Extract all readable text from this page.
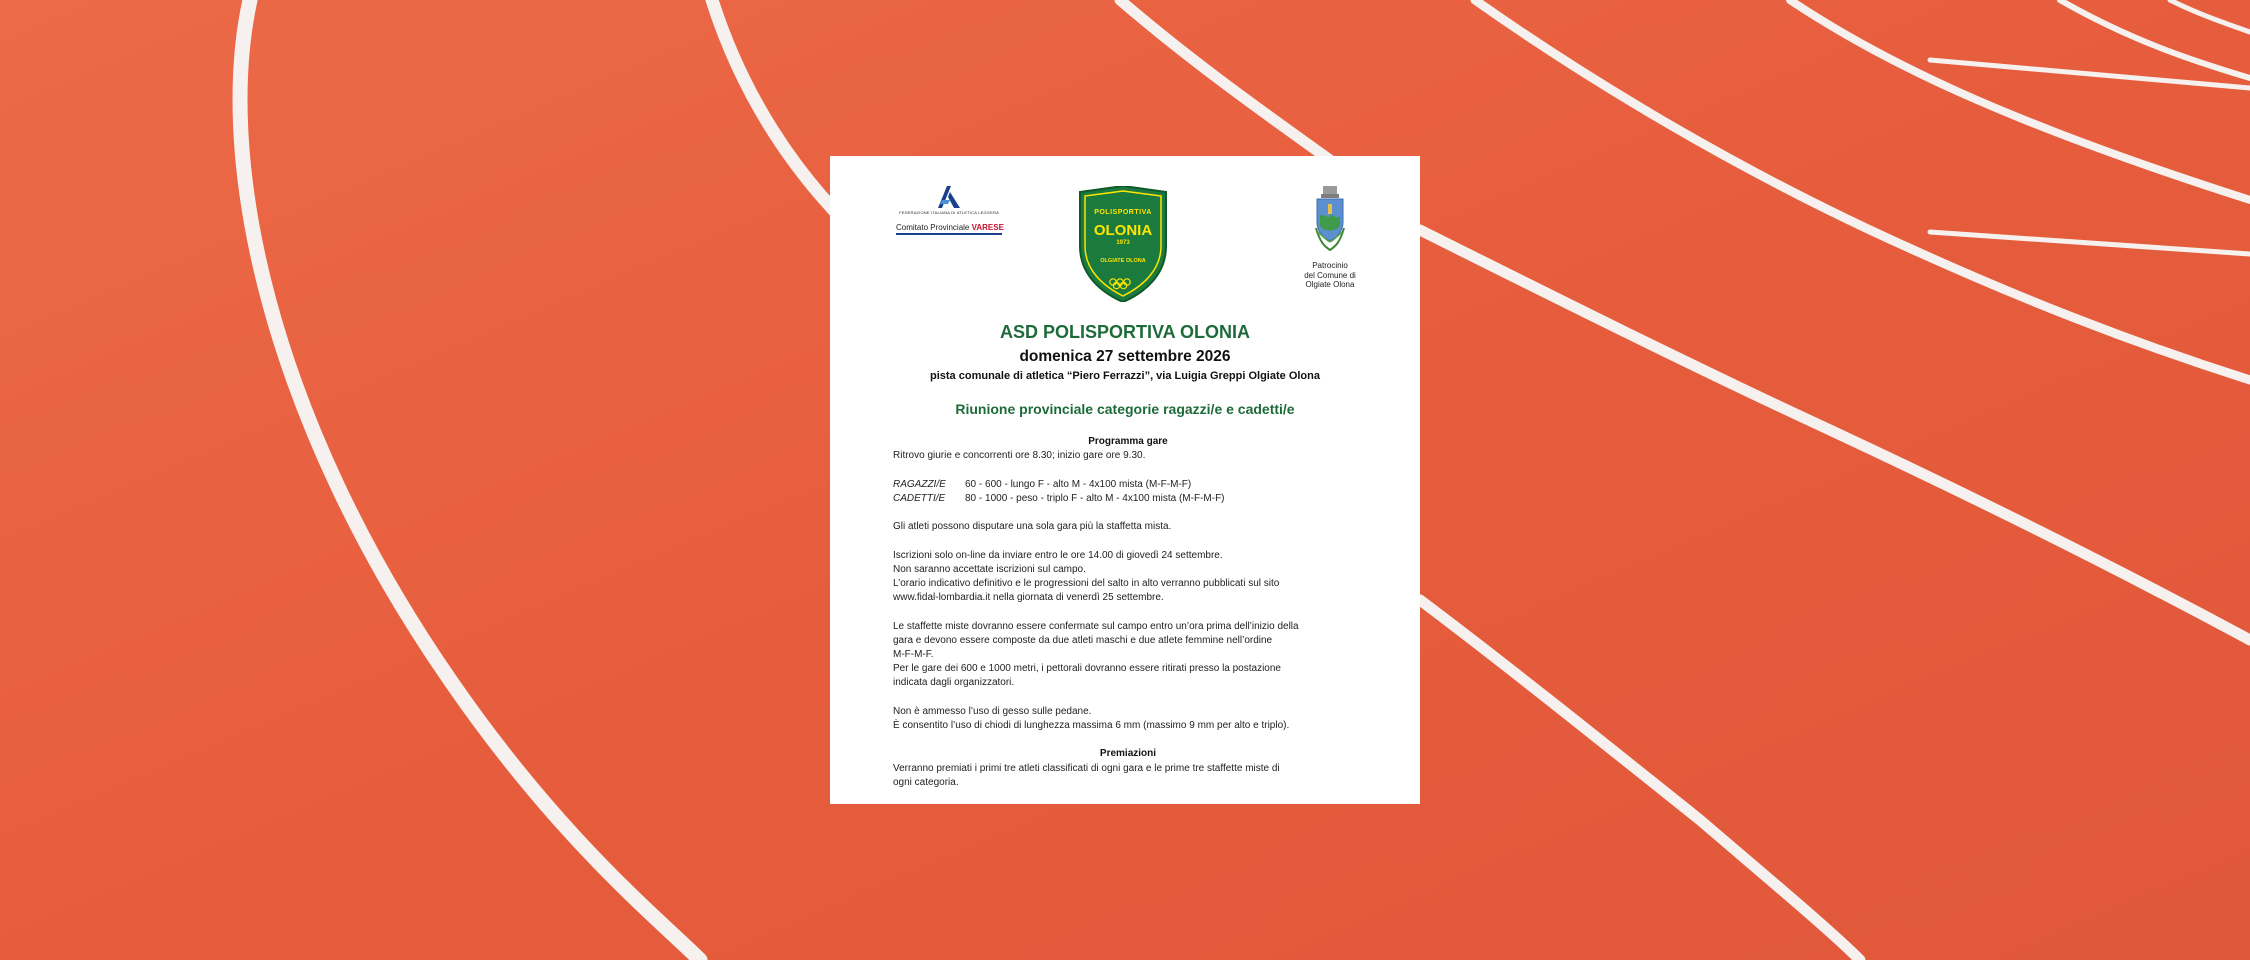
FEDERAZIONE ITALIANA DI ATLETICA LEGGERA
Comitato Provinciale VARESE
POLISPORTIVA
OLONIA
1973
OLGIATE OLONA	Patrocinio
del Comune di
Olgiate Olona
ASD POLISPORTIVA OLONIA
domenica 27 settembre 2026
pista comunale di atletica “Piero Ferrazzi”, via Luigia Greppi Olgiate Olona
Riunione provinciale categorie ragazzi/e e cadetti/e

Programma gare

Ritrovo giurie e concorrenti ore 8.30; inizio gare ore 9.30.

RAGAZZI/E	60 - 600 - lungo F - alto M - 4x100 mista (M-F-M-F)
CADETTI/E	80 - 1000 - peso - triplo F - alto M - 4x100 mista (M-F-M-F)

Gli atleti possono disputare una sola gara più la staffetta mista.

Iscrizioni solo on-line da inviare entro le ore 14.00 di giovedì 24 settembre.

Non saranno accettate iscrizioni sul campo.

L’orario indicativo definitivo e le progressioni del salto in alto verranno pubblicati sul sito

www.fidal-lombardia.it nella giornata di venerdì 25 settembre.

Le staffette miste dovranno essere confermate sul campo entro un’ora prima dell’inizio della

gara e devono essere composte da due atleti maschi e due atlete femmine nell’ordine

M-F-M-F.

Per le gare dei 600 e 1000 metri, i pettorali dovranno essere ritirati presso la postazione

indicata dagli organizzatori.

Non è ammesso l’uso di gesso sulle pedane.

È consentito l’uso di chiodi di lunghezza massima 6 mm (massimo 9 mm per alto e triplo).

Premiazioni

Verranno premiati i primi tre atleti classificati di ogni gara e le prime tre staffette miste di

ogni categoria.
